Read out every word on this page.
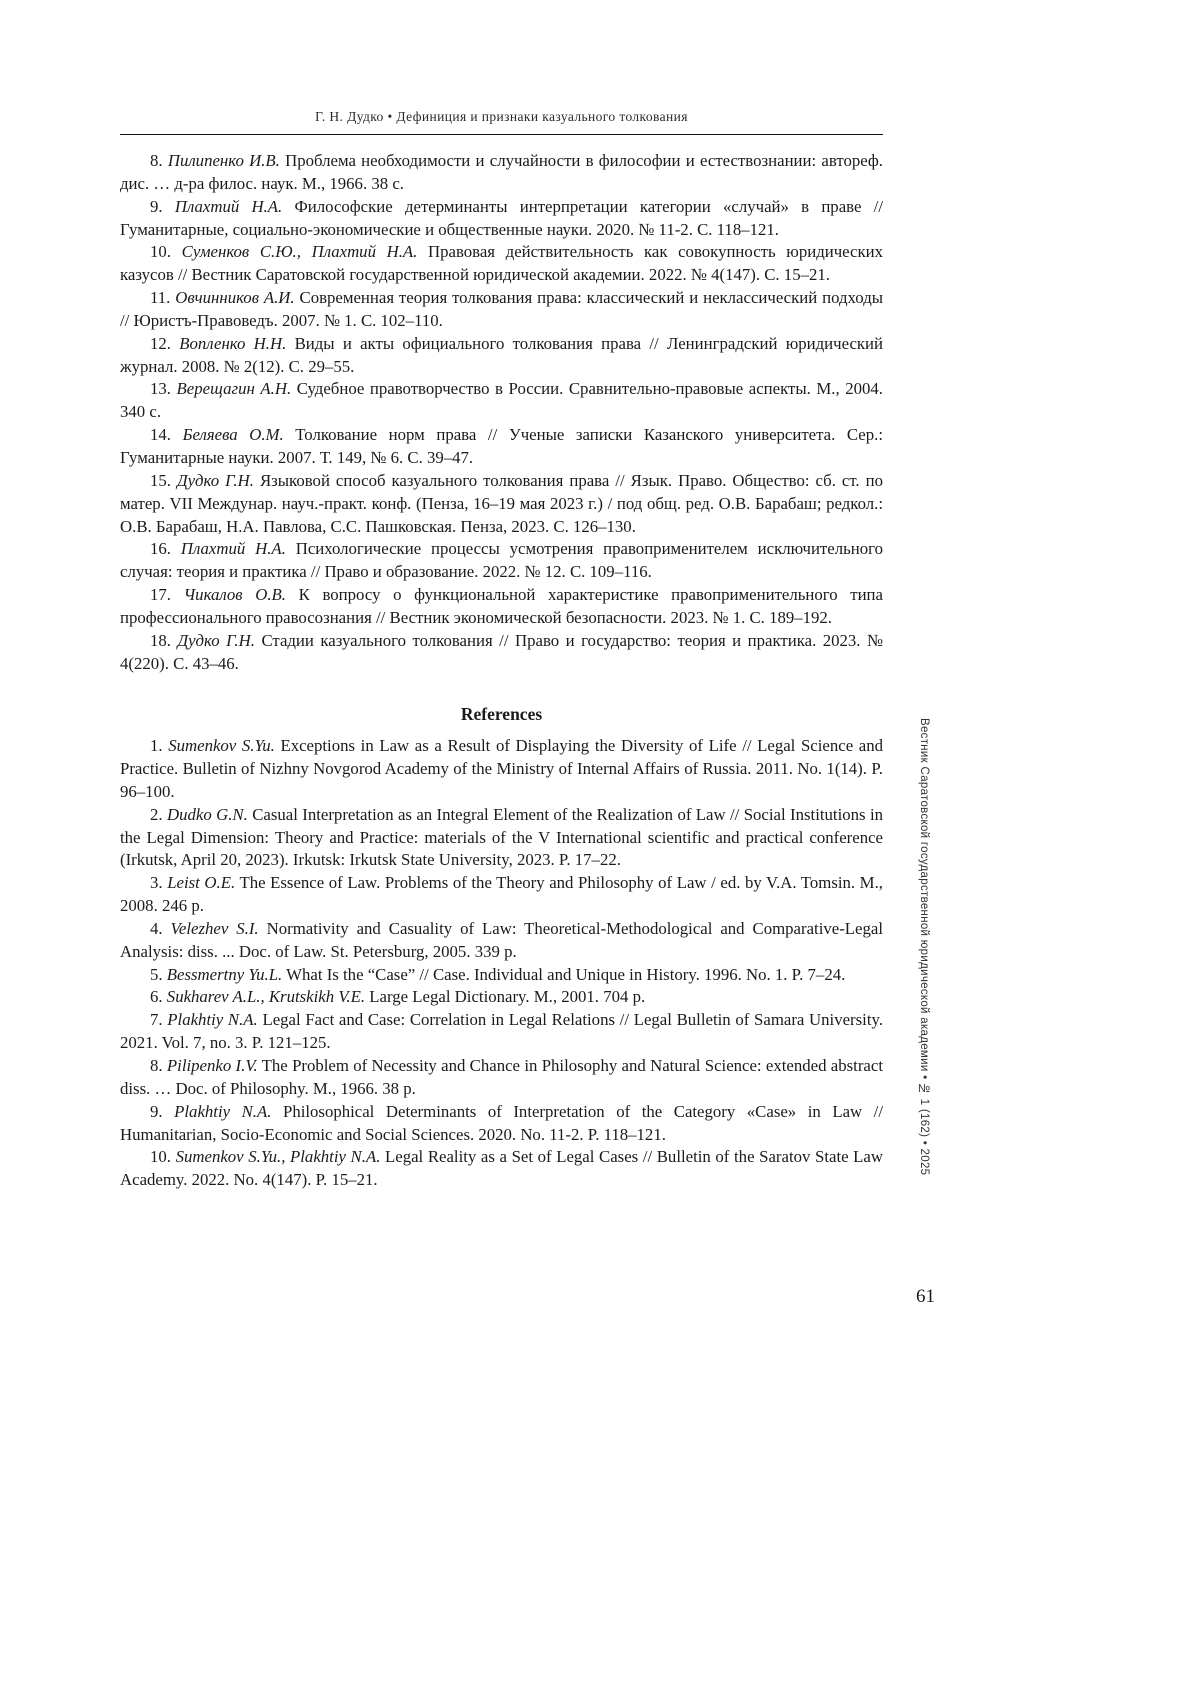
Г. Н. Дудко • Дефиниция и признаки казуального толкования

8. Пилипенко И.В. Проблема необходимости и случайности в философии и естествознании: автореф. дис. … д-ра филос. наук. М., 1966. 38 с.

9. Плахтий Н.А. Философские детерминанты интерпретации категории «случай» в праве // Гуманитарные, социально-экономические и общественные науки. 2020. № 11-2. С. 118–121.

10. Суменков С.Ю., Плахтий Н.А. Правовая действительность как совокупность юридических казусов // Вестник Саратовской государственной юридической академии. 2022. № 4(147). С. 15–21.

11. Овчинников А.И. Современная теория толкования права: классический и неклассический подходы // Юристъ-Правоведъ. 2007. № 1. С. 102–110.

12. Вопленко Н.Н. Виды и акты официального толкования права // Ленинградский юридический журнал. 2008. № 2(12). С. 29–55.

13. Верещагин А.Н. Судебное правотворчество в России. Сравнительно-правовые аспекты. М., 2004. 340 с.

14. Беляева О.М. Толкование норм права // Ученые записки Казанского университета. Сер.: Гуманитарные науки. 2007. Т. 149, № 6. С. 39–47.

15. Дудко Г.Н. Языковой способ казуального толкования права // Язык. Право. Общество: сб. ст. по матер. VII Междунар. науч.-практ. конф. (Пенза, 16–19 мая 2023 г.) / под общ. ред. О.В. Барабаш; редкол.: О.В. Барабаш, Н.А. Павлова, С.С. Пашковская. Пенза, 2023. С. 126–130.

16. Плахтий Н.А. Психологические процессы усмотрения правоприменителем исключительного случая: теория и практика // Право и образование. 2022. № 12. С. 109–116.

17. Чикалов О.В. К вопросу о функциональной характеристике правоприменительного типа профессионального правосознания // Вестник экономической безопасности. 2023. № 1. С. 189–192.

18. Дудко Г.Н. Стадии казуального толкования // Право и государство: теория и практика. 2023. № 4(220). С. 43–46.

References

1. Sumenkov S.Yu. Exceptions in Law as a Result of Displaying the Diversity of Life // Legal Science and Practice. Bulletin of Nizhny Novgorod Academy of the Ministry of Internal Affairs of Russia. 2011. No. 1(14). P. 96–100.

2. Dudko G.N. Casual Interpretation as an Integral Element of the Realization of Law // Social Institutions in the Legal Dimension: Theory and Practice: materials of the V International scientific and practical conference (Irkutsk, April 20, 2023). Irkutsk: Irkutsk State University, 2023. P. 17–22.

3. Leist O.E. The Essence of Law. Problems of the Theory and Philosophy of Law / ed. by V.A. Tomsin. M., 2008. 246 p.

4. Velezhev S.I. Normativity and Casuality of Law: Theoretical-Methodological and Comparative-Legal Analysis: diss. ... Doc. of Law. St. Petersburg, 2005. 339 p.

5. Bessmertny Yu.L. What Is the “Case” // Case. Individual and Unique in History. 1996. No. 1. P. 7–24.

6. Sukharev A.L., Krutskikh V.E. Large Legal Dictionary. M., 2001. 704 p.

7. Plakhtiy N.A. Legal Fact and Case: Correlation in Legal Relations // Legal Bulletin of Samara University. 2021. Vol. 7, no. 3. P. 121–125.

8. Pilipenko I.V. The Problem of Necessity and Chance in Philosophy and Natural Science: extended abstract diss. … Doc. of Philosophy. M., 1966. 38 p.

9. Plakhtiy N.A. Philosophical Determinants of Interpretation of the Category «Case» in Law // Humanitarian, Socio-Economic and Social Sciences. 2020. No. 11-2. P. 118–121.

10. Sumenkov S.Yu., Plakhtiy N.A. Legal Reality as a Set of Legal Cases // Bulletin of the Saratov State Law Academy. 2022. No. 4(147). P. 15–21.

Вестник Саратовской государственной юридической академии • № 1 (162) • 2025
61
